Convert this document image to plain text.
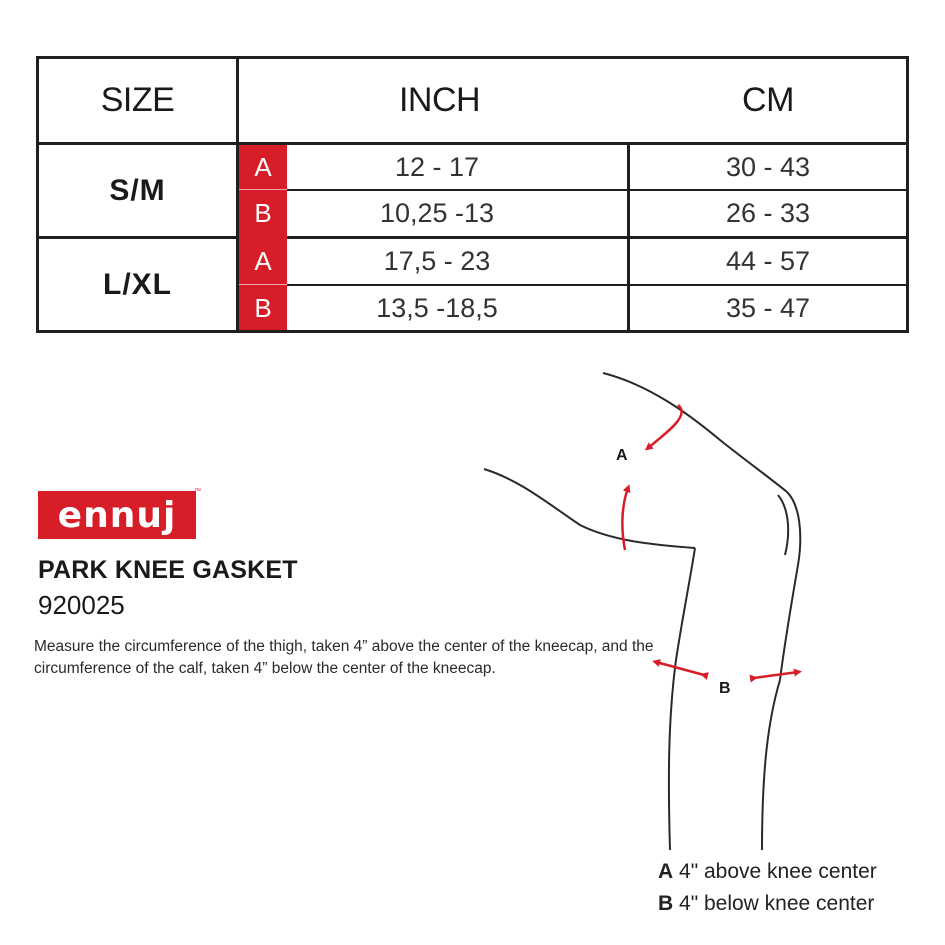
SIZE	INCH	CM
S/M
L/XL
A
B
A
B
12 - 17
10,25 -13
17,5 - 23
13,5 -18,5
30 - 43
26 - 33
44 - 57
35 - 47
ennuj
™
PARK KNEE GASKET
920025
Measure the circumference of the thigh, taken 4” above the center of the kneecap, and the circumference of the calf, taken 4” below the center of the kneecap.
A
B
A 4" above knee center
B 4" below knee center
